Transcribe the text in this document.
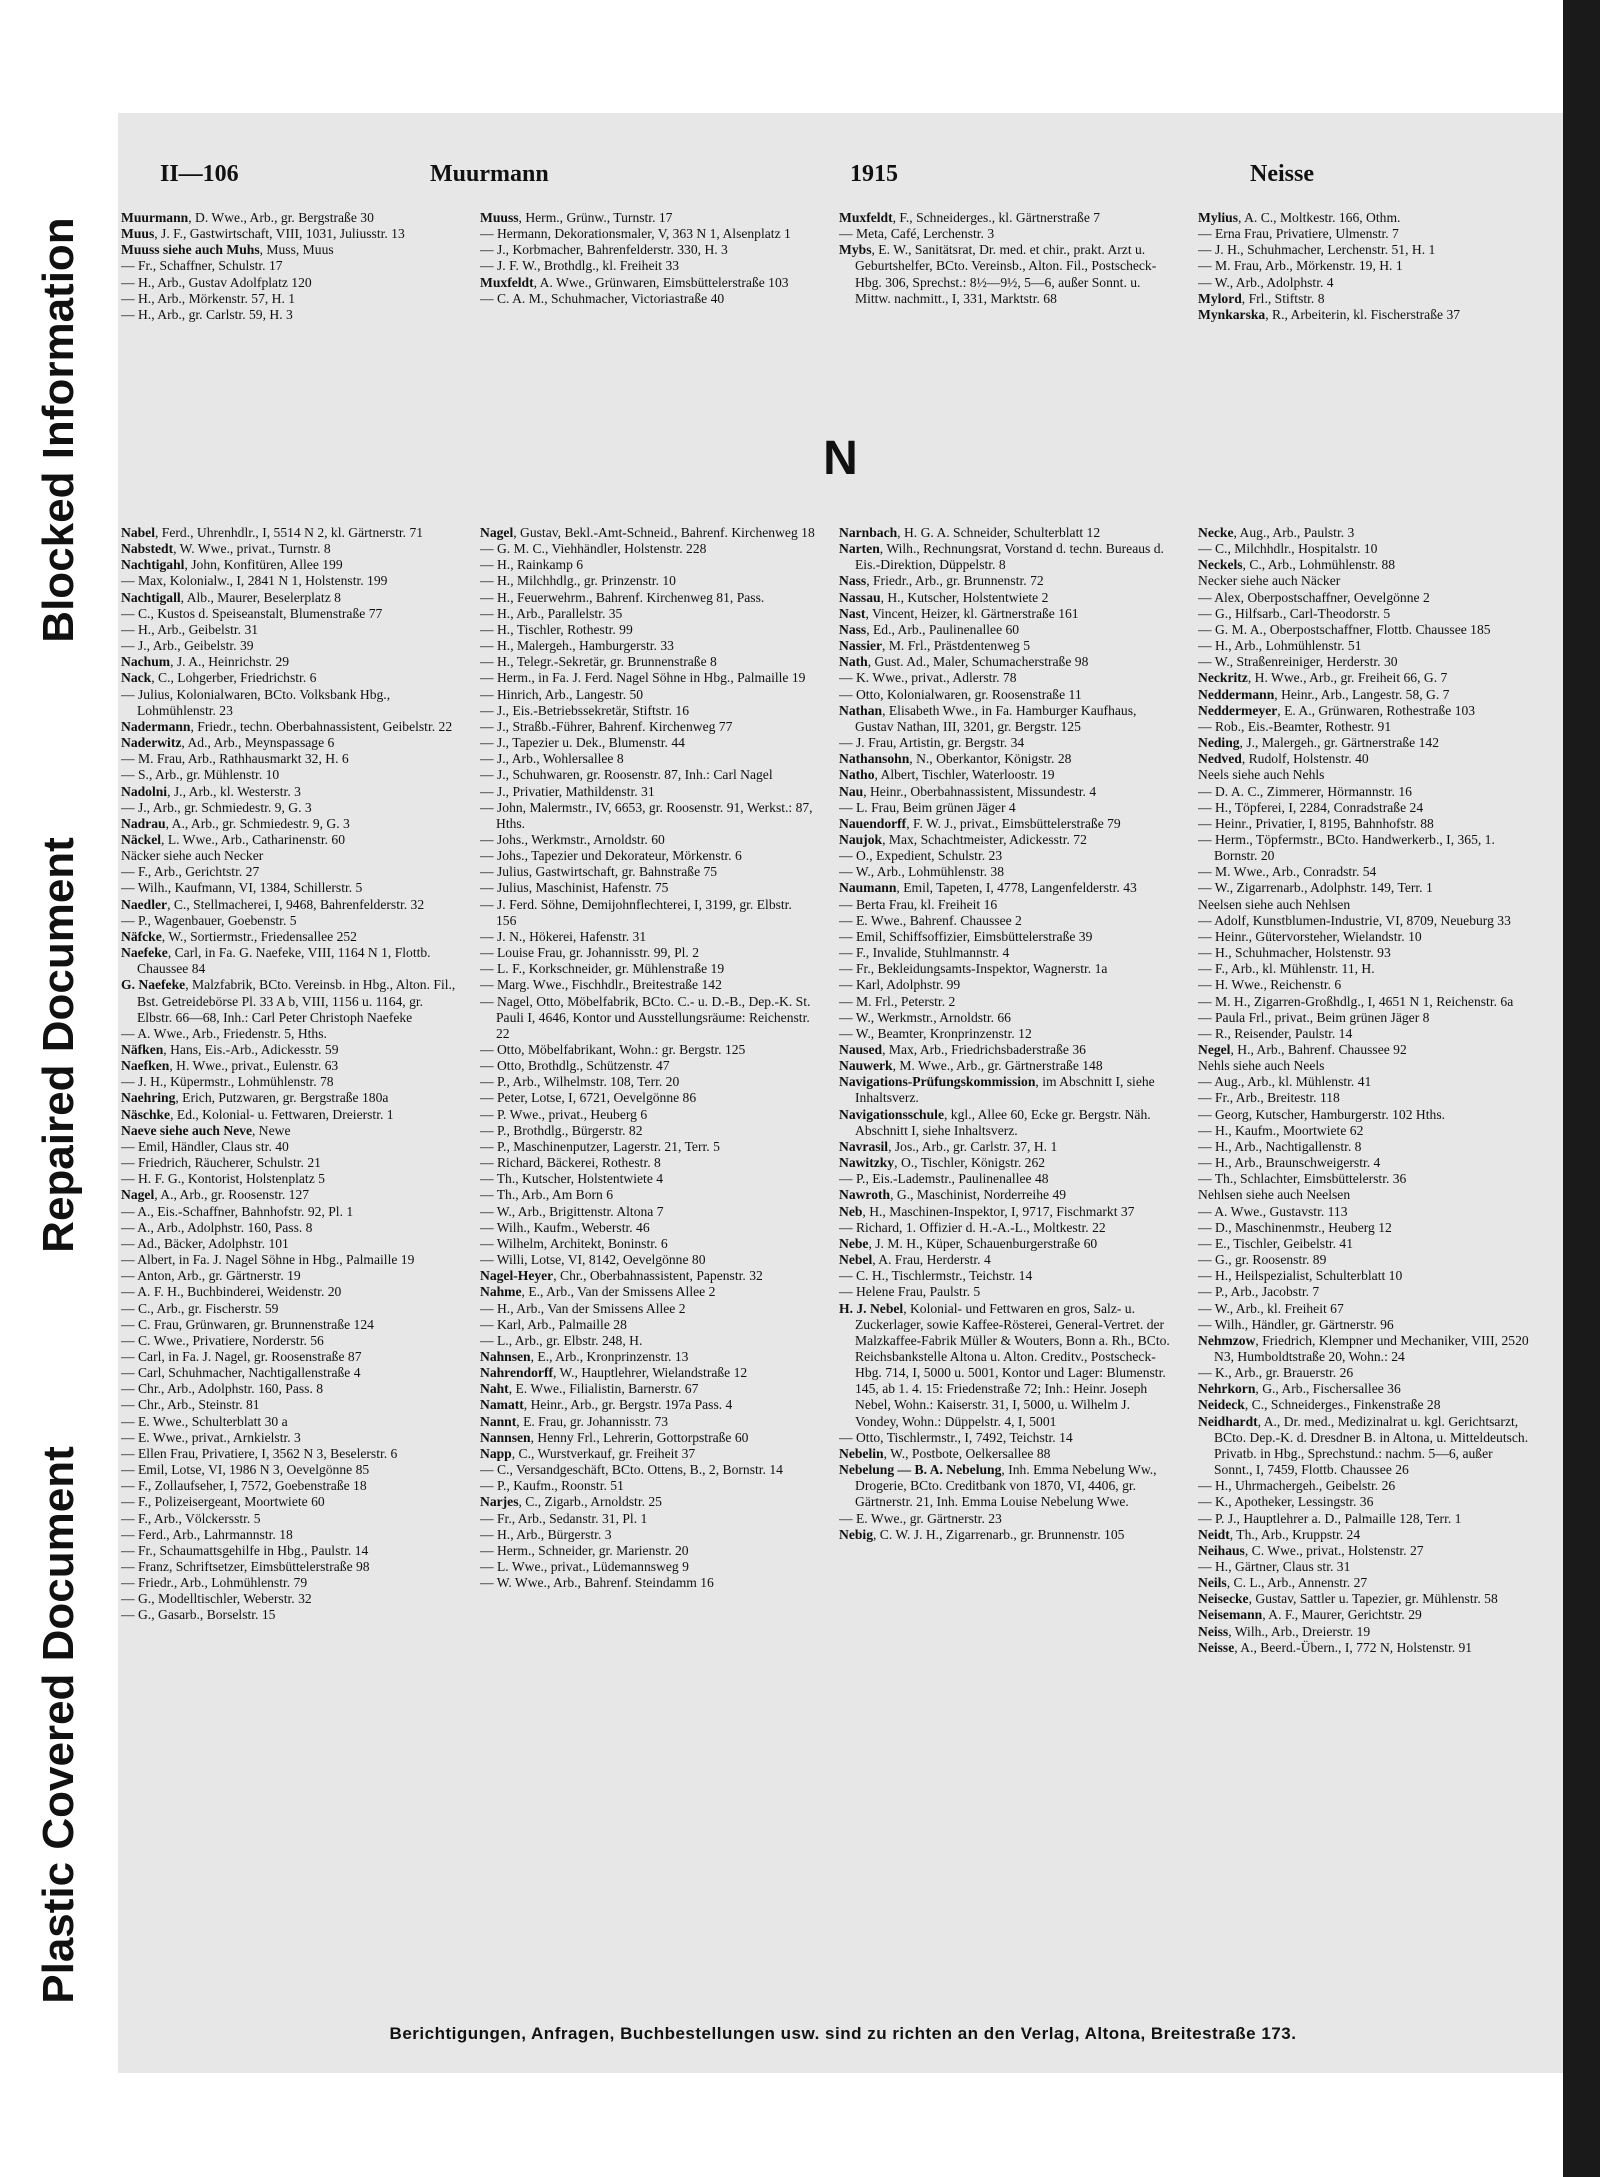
Blocked Information
Repaired Document
Plastic Covered Document
II—106	Muurmann	1915	Neisse

Muurmann, D. Wwe., Arb., gr. Bergstraße 30

Muus, J. F., Gastwirtschaft, VIII, 1031, Juliusstr. 13

Muuss siehe auch Muhs, Muss, Muus

— Fr., Schaffner, Schulstr. 17

— H., Arb., Gustav Adolfplatz 120

— H., Arb., Mörkenstr. 57, H. 1

— H., Arb., gr. Carlstr. 59, H. 3

Muuss, Herm., Grünw., Turnstr. 17

— Hermann, Dekorationsmaler, V, 363 N 1, Alsenplatz 1

— J., Korbmacher, Bahrenfelderstr. 330, H. 3

— J. F. W., Brothdlg., kl. Freiheit 33

Muxfeldt, A. Wwe., Grünwaren, Eimsbüttelerstraße 103

— C. A. M., Schuhmacher, Victoriastraße 40

Muxfeldt, F., Schneiderges., kl. Gärtnerstraße 7

— Meta, Café, Lerchenstr. 3

Mybs, E. W., Sanitätsrat, Dr. med. et chir., prakt. Arzt u. Geburtshelfer, BCto. Vereinsb., Alton. Fil., Postscheck-Hbg. 306, Sprechst.: 8½—9½, 5—6, außer Sonnt. u. Mittw. nachmitt., I, 331, Marktstr. 68

Mylius, A. C., Moltkestr. 166, Othm.

— Erna Frau, Privatiere, Ulmenstr. 7

— J. H., Schuhmacher, Lerchenstr. 51, H. 1

— M. Frau, Arb., Mörkenstr. 19, H. 1

— W., Arb., Adolphstr. 4

Mylord, Frl., Stiftstr. 8

Mynkarska, R., Arbeiterin, kl. Fischerstraße 37

N

Nabel, Ferd., Uhrenhdlr., I, 5514 N 2, kl. Gärtnerstr. 71

Nabstedt, W. Wwe., privat., Turnstr. 8

Nachtigahl, John, Konfitüren, Allee 199

— Max, Kolonialw., I, 2841 N 1, Holstenstr. 199

Nachtigall, Alb., Maurer, Beselerplatz 8

— C., Kustos d. Speiseanstalt, Blumenstraße 77

— H., Arb., Geibelstr. 31

— J., Arb., Geibelstr. 39

Nachum, J. A., Heinrichstr. 29

Nack, C., Lohgerber, Friedrichstr. 6

— Julius, Kolonialwaren, BCto. Volksbank Hbg., Lohmühlenstr. 23

Nadermann, Friedr., techn. Oberbahnassistent, Geibelstr. 22

Naderwitz, Ad., Arb., Meynspassage 6

— M. Frau, Arb., Rathhausmarkt 32, H. 6

— S., Arb., gr. Mühlenstr. 10

Nadolni, J., Arb., kl. Westerstr. 3

— J., Arb., gr. Schmiedestr. 9, G. 3

Nadrau, A., Arb., gr. Schmiedestr. 9, G. 3

Näckel, L. Wwe., Arb., Catharinenstr. 60

Näcker siehe auch Necker

— F., Arb., Gerichtstr. 27

— Wilh., Kaufmann, VI, 1384, Schillerstr. 5

Naedler, C., Stellmacherei, I, 9468, Bahrenfelderstr. 32

— P., Wagenbauer, Goebenstr. 5

Näfcke, W., Sortiermstr., Friedensallee 252

Naefeke, Carl, in Fa. G. Naefeke, VIII, 1164 N 1, Flottb. Chaussee 84

G. Naefeke, Malzfabrik, BCto. Vereinsb. in Hbg., Alton. Fil., Bst. Getreidebörse Pl. 33 A b, VIII, 1156 u. 1164, gr. Elbstr. 66—68, Inh.: Carl Peter Christoph Naefeke

— A. Wwe., Arb., Friedenstr. 5, Hths.

Näfken, Hans, Eis.-Arb., Adickesstr. 59

Naefken, H. Wwe., privat., Eulenstr. 63

— J. H., Küpermstr., Lohmühlenstr. 78

Naehring, Erich, Putzwaren, gr. Bergstraße 180a

Näschke, Ed., Kolonial- u. Fettwaren, Dreierstr. 1

Naeve siehe auch Neve, Newe

— Emil, Händler, Claus str. 40

— Friedrich, Räucherer, Schulstr. 21

— H. F. G., Kontorist, Holstenplatz 5

Nagel, A., Arb., gr. Roosenstr. 127

— A., Eis.-Schaffner, Bahnhofstr. 92, Pl. 1

— A., Arb., Adolphstr. 160, Pass. 8

— Ad., Bäcker, Adolphstr. 101

— Albert, in Fa. J. Nagel Söhne in Hbg., Palmaille 19

— Anton, Arb., gr. Gärtnerstr. 19

— A. F. H., Buchbinderei, Weidenstr. 20

— C., Arb., gr. Fischerstr. 59

— C. Frau, Grünwaren, gr. Brunnenstraße 124

— C. Wwe., Privatiere, Norderstr. 56

— Carl, in Fa. J. Nagel, gr. Roosenstraße 87

— Carl, Schuhmacher, Nachtigallenstraße 4

— Chr., Arb., Adolphstr. 160, Pass. 8

— Chr., Arb., Steinstr. 81

— E. Wwe., Schulterblatt 30 a

— E. Wwe., privat., Arnkielstr. 3

— Ellen Frau, Privatiere, I, 3562 N 3, Beselerstr. 6

— Emil, Lotse, VI, 1986 N 3, Oevelgönne 85

— F., Zollaufseher, I, 7572, Goebenstraße 18

— F., Polizeisergeant, Moortwiete 60

— F., Arb., Völckersstr. 5

— Ferd., Arb., Lahrmannstr. 18

— Fr., Schaumattsgehilfe in Hbg., Paulstr. 14

— Franz, Schriftsetzer, Eimsbüttelerstraße 98

— Friedr., Arb., Lohmühlenstr. 79

— G., Modelltischler, Weberstr. 32

— G., Gasarb., Borselstr. 15

Nagel, Gustav, Bekl.-Amt-Schneid., Bahrenf. Kirchenweg 18

— G. M. C., Viehhändler, Holstenstr. 228

— H., Rainkamp 6

— H., Milchhdlg., gr. Prinzenstr. 10

— H., Feuerwehrm., Bahrenf. Kirchenweg 81, Pass.

— H., Arb., Parallelstr. 35

— H., Tischler, Rothestr. 99

— H., Malergeh., Hamburgerstr. 33

— H., Telegr.-Sekretär, gr. Brunnenstraße 8

— Herm., in Fa. J. Ferd. Nagel Söhne in Hbg., Palmaille 19

— Hinrich, Arb., Langestr. 50

— J., Eis.-Betriebssekretär, Stiftstr. 16

— J., Straßb.-Führer, Bahrenf. Kirchenweg 77

— J., Tapezier u. Dek., Blumenstr. 44

— J., Arb., Wohlersallee 8

— J., Schuhwaren, gr. Roosenstr. 87, Inh.: Carl Nagel

— J., Privatier, Mathildenstr. 31

— John, Malermstr., IV, 6653, gr. Roosenstr. 91, Werkst.: 87, Hths.

— Johs., Werkmstr., Arnoldstr. 60

— Johs., Tapezier und Dekorateur, Mörkenstr. 6

— Julius, Gastwirtschaft, gr. Bahnstraße 75

— Julius, Maschinist, Hafenstr. 75

— J. Ferd. Söhne, Demijohnflechterei, I, 3199, gr. Elbstr. 156

— J. N., Hökerei, Hafenstr. 31

— Louise Frau, gr. Johannisstr. 99, Pl. 2

— L. F., Korkschneider, gr. Mühlenstraße 19

— Marg. Wwe., Fischhdlr., Breitestraße 142

— Nagel, Otto, Möbelfabrik, BCto. C.- u. D.-B., Dep.-K. St. Pauli I, 4646, Kontor und Ausstellungsräume: Reichenstr. 22

— Otto, Möbelfabrikant, Wohn.: gr. Bergstr. 125

— Otto, Brothdlg., Schützenstr. 47

— P., Arb., Wilhelmstr. 108, Terr. 20

— Peter, Lotse, I, 6721, Oevelgönne 86

— P. Wwe., privat., Heuberg 6

— P., Brothdlg., Bürgerstr. 82

— P., Maschinenputzer, Lagerstr. 21, Terr. 5

— Richard, Bäckerei, Rothestr. 8

— Th., Kutscher, Holstentwiete 4

— Th., Arb., Am Born 6

— W., Arb., Brigittenstr. Altona 7

— Wilh., Kaufm., Weberstr. 46

— Wilhelm, Architekt, Boninstr. 6

— Willi, Lotse, VI, 8142, Oevelgönne 80

Nagel-Heyer, Chr., Oberbahnassistent, Papenstr. 32

Nahme, E., Arb., Van der Smissens Allee 2

— H., Arb., Van der Smissens Allee 2

— Karl, Arb., Palmaille 28

— L., Arb., gr. Elbstr. 248, H.

Nahnsen, E., Arb., Kronprinzenstr. 13

Nahrendorff, W., Hauptlehrer, Wielandstraße 12

Naht, E. Wwe., Filialistin, Barnerstr. 67

Namatt, Heinr., Arb., gr. Bergstr. 197a Pass. 4

Nannt, E. Frau, gr. Johannisstr. 73

Nannsen, Henny Frl., Lehrerin, Gottorpstraße 60

Napp, C., Wurstverkauf, gr. Freiheit 37

— C., Versandgeschäft, BCto. Ottens, B., 2, Bornstr. 14

— P., Kaufm., Roonstr. 51

Narjes, C., Zigarb., Arnoldstr. 25

— Fr., Arb., Sedanstr. 31, Pl. 1

— H., Arb., Bürgerstr. 3

— Herm., Schneider, gr. Marienstr. 20

— L. Wwe., privat., Lüdemannsweg 9

— W. Wwe., Arb., Bahrenf. Steindamm 16

Narnbach, H. G. A. Schneider, Schulterblatt 12

Narten, Wilh., Rechnungsrat, Vorstand d. techn. Bureaus d. Eis.-Direktion, Düppelstr. 8

Nass, Friedr., Arb., gr. Brunnenstr. 72

Nassau, H., Kutscher, Holstentwiete 2

Nast, Vincent, Heizer, kl. Gärtnerstraße 161

Nass, Ed., Arb., Paulinenallee 60

Nassier, M. Frl., Prästdentenweg 5

Nath, Gust. Ad., Maler, Schumacherstraße 98

— K. Wwe., privat., Adlerstr. 78

— Otto, Kolonialwaren, gr. Roosenstraße 11

Nathan, Elisabeth Wwe., in Fa. Hamburger Kaufhaus, Gustav Nathan, III, 3201, gr. Bergstr. 125

— J. Frau, Artistin, gr. Bergstr. 34

Nathansohn, N., Oberkantor, Königstr. 28

Natho, Albert, Tischler, Waterloostr. 19

Nau, Heinr., Oberbahnassistent, Missundestr. 4

— L. Frau, Beim grünen Jäger 4

Nauendorff, F. W. J., privat., Eimsbüttelerstraße 79

Naujok, Max, Schachtmeister, Adickesstr. 72

— O., Expedient, Schulstr. 23

— W., Arb., Lohmühlenstr. 38

Naumann, Emil, Tapeten, I, 4778, Langenfelderstr. 43

— Berta Frau, kl. Freiheit 16

— E. Wwe., Bahrenf. Chaussee 2

— Emil, Schiffsoffizier, Eimsbüttelerstraße 39

— F., Invalide, Stuhlmannstr. 4

— Fr., Bekleidungsamts-Inspektor, Wagnerstr. 1a

— Karl, Adolphstr. 99

— M. Frl., Peterstr. 2

— W., Werkmstr., Arnoldstr. 66

— W., Beamter, Kronprinzenstr. 12

Naused, Max, Arb., Friedrichsbaderstraße 36

Nauwerk, M. Wwe., Arb., gr. Gärtnerstraße 148

Navigations-Prüfungskommission, im Abschnitt I, siehe Inhaltsverz.

Navigationsschule, kgl., Allee 60, Ecke gr. Bergstr. Näh. Abschnitt I, siehe Inhaltsverz.

Navrasil, Jos., Arb., gr. Carlstr. 37, H. 1

Nawitzky, O., Tischler, Königstr. 262

— P., Eis.-Lademstr., Paulinenallee 48

Nawroth, G., Maschinist, Norderreihe 49

Neb, H., Maschinen-Inspektor, I, 9717, Fischmarkt 37

— Richard, 1. Offizier d. H.-A.-L., Moltkestr. 22

Nebe, J. M. H., Küper, Schauenburgerstraße 60

Nebel, A. Frau, Herderstr. 4

— C. H., Tischlermstr., Teichstr. 14

— Helene Frau, Paulstr. 5

H. J. Nebel, Kolonial- und Fettwaren en gros, Salz- u. Zuckerlager, sowie Kaffee-Rösterei, General-Vertret. der Malzkaffee-Fabrik Müller & Wouters, Bonn a. Rh., BCto. Reichsbankstelle Altona u. Alton. Creditv., Postscheck-Hbg. 714, I, 5000 u. 5001, Kontor und Lager: Blumenstr. 145, ab 1. 4. 15: Friedenstraße 72; Inh.: Heinr. Joseph Nebel, Wohn.: Kaiserstr. 31, I, 5000, u. Wilhelm J. Vondey, Wohn.: Düppelstr. 4, I, 5001

— Otto, Tischlermstr., I, 7492, Teichstr. 14

Nebelin, W., Postbote, Oelkersallee 88

Nebelung — B. A. Nebelung, Inh. Emma Nebelung Ww., Drogerie, BCto. Creditbank von 1870, VI, 4406, gr. Gärtnerstr. 21, Inh. Emma Louise Nebelung Wwe.

— E. Wwe., gr. Gärtnerstr. 23

Nebig, C. W. J. H., Zigarrenarb., gr. Brunnenstr. 105

Necke, Aug., Arb., Paulstr. 3

— C., Milchhdlr., Hospitalstr. 10

Neckels, C., Arb., Lohmühlenstr. 88

Necker siehe auch Näcker

— Alex, Oberpostschaffner, Oevelgönne 2

— G., Hilfsarb., Carl-Theodorstr. 5

— G. M. A., Oberpostschaffner, Flottb. Chaussee 185

— H., Arb., Lohmühlenstr. 51

— W., Straßenreiniger, Herderstr. 30

Neckritz, H. Wwe., Arb., gr. Freiheit 66, G. 7

Neddermann, Heinr., Arb., Langestr. 58, G. 7

Neddermeyer, E. A., Grünwaren, Rothestraße 103

— Rob., Eis.-Beamter, Rothestr. 91

Neding, J., Malergeh., gr. Gärtnerstraße 142

Nedved, Rudolf, Holstenstr. 40

Neels siehe auch Nehls

— D. A. C., Zimmerer, Hörmannstr. 16

— H., Töpferei, I, 2284, Conradstraße 24

— Heinr., Privatier, I, 8195, Bahnhofstr. 88

— Herm., Töpfermstr., BCto. Handwerkerb., I, 365, 1. Bornstr. 20

— M. Wwe., Arb., Conradstr. 54

— W., Zigarrenarb., Adolphstr. 149, Terr. 1

Neelsen siehe auch Nehlsen

— Adolf, Kunstblumen-Industrie, VI, 8709, Neueburg 33

— Heinr., Gütervorsteher, Wielandstr. 10

— H., Schuhmacher, Holstenstr. 93

— F., Arb., kl. Mühlenstr. 11, H.

— H. Wwe., Reichenstr. 6

— M. H., Zigarren-Großhdlg., I, 4651 N 1, Reichenstr. 6a

— Paula Frl., privat., Beim grünen Jäger 8

— R., Reisender, Paulstr. 14

Negel, H., Arb., Bahrenf. Chaussee 92

Nehls siehe auch Neels

— Aug., Arb., kl. Mühlenstr. 41

— Fr., Arb., Breitestr. 118

— Georg, Kutscher, Hamburgerstr. 102 Hths.

— H., Kaufm., Moortwiete 62

— H., Arb., Nachtigallenstr. 8

— H., Arb., Braunschweigerstr. 4

— Th., Schlachter, Eimsbüttelerstr. 36

Nehlsen siehe auch Neelsen

— A. Wwe., Gustavstr. 113

— D., Maschinenmstr., Heuberg 12

— E., Tischler, Geibelstr. 41

— G., gr. Roosenstr. 89

— H., Heilspezialist, Schulterblatt 10

— P., Arb., Jacobstr. 7

— W., Arb., kl. Freiheit 67

— Wilh., Händler, gr. Gärtnerstr. 96

Nehmzow, Friedrich, Klempner und Mechaniker, VIII, 2520 N3, Humboldtstraße 20, Wohn.: 24

— K., Arb., gr. Brauerstr. 26

Nehrkorn, G., Arb., Fischersallee 36

Neideck, C., Schneiderges., Finkenstraße 28

Neidhardt, A., Dr. med., Medizinalrat u. kgl. Gerichtsarzt, BCto. Dep.-K. d. Dresdner B. in Altona, u. Mitteldeutsch. Privatb. in Hbg., Sprechstund.: nachm. 5—6, außer Sonnt., I, 7459, Flottb. Chaussee 26

— H., Uhrmachergeh., Geibelstr. 26

— K., Apotheker, Lessingstr. 36

— P. J., Hauptlehrer a. D., Palmaille 128, Terr. 1

Neidt, Th., Arb., Kruppstr. 24

Neihaus, C. Wwe., privat., Holstenstr. 27

— H., Gärtner, Claus str. 31

Neils, C. L., Arb., Annenstr. 27

Neisecke, Gustav, Sattler u. Tapezier, gr. Mühlenstr. 58

Neisemann, A. F., Maurer, Gerichtstr. 29

Neiss, Wilh., Arb., Dreierstr. 19

Neisse, A., Beerd.-Übern., I, 772 N, Holstenstr. 91

Berichtigungen, Anfragen, Buchbestellungen usw. sind zu richten an den Verlag, Altona, Breitestraße 173.
